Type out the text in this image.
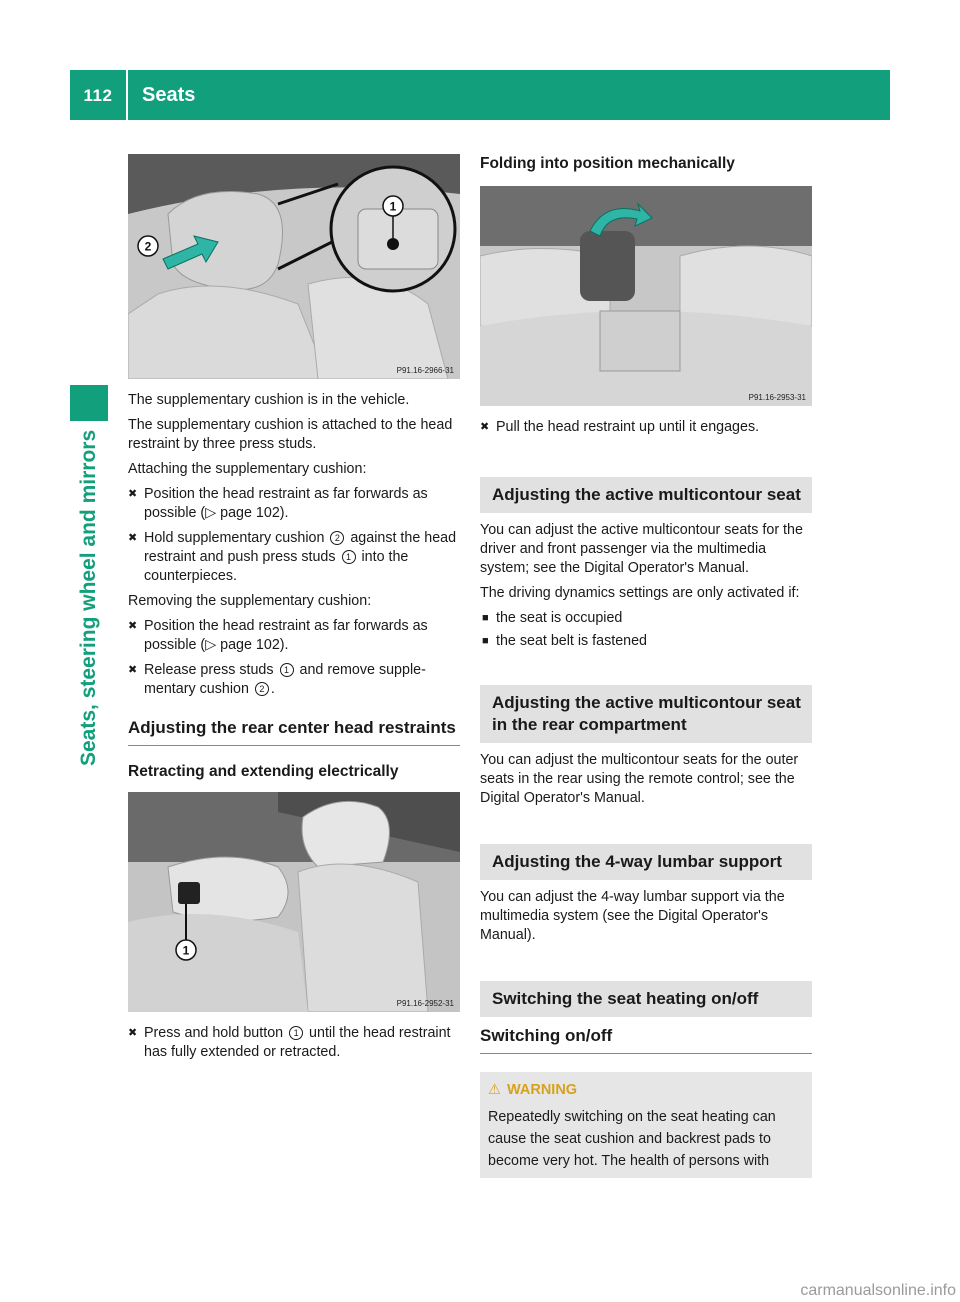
112	Seats
Seats, steering wheel and mirrors
1
2
P91.16-2966-31

The supplementary cushion is in the vehicle.

The supplementary cushion is attached to the head restraint by three press studs.

Attaching the supplementary cushion:

✖ Position the head restraint as far forwards as possible (▷ page 102).
✖ Hold supplementary cushion 2 against the head restraint and push press studs 1 into the counterpieces.

Removing the supplementary cushion:

✖ Position the head restraint as far forwards as possible (▷ page 102).
✖ Release press studs 1 and remove supplementary cushion 2 .
Adjusting the rear center head restraints
Retracting and extending electrically
1
P91.16-2952-31
✖ Press and hold button 1 until the head restraint has fully extended or retracted.
Folding into position mechanically
P91.16-2953-31
✖ Pull the head restraint up until it engages.
Adjusting the active multicontour seat

You can adjust the active multicontour seats for the driver and front passenger via the multimedia system; see the Digital Operator's Manual.

The driving dynamics settings are only activated if:

■ the seat is occupied
■ the seat belt is fastened
Adjusting the active multicontour seat in the rear compartment

You can adjust the multicontour seats for the outer seats in the rear using the remote control; see the Digital Operator's Manual.

Adjusting the 4-way lumbar support

You can adjust the 4-way lumbar support via the multimedia system (see the Digital Operator's Manual).

Switching the seat heating on/off
Switching on/off
⚠ WARNING
Repeatedly switching on the seat heating can cause the seat cushion and backrest pads to become very hot. The health of persons with
carmanualsonline.info
